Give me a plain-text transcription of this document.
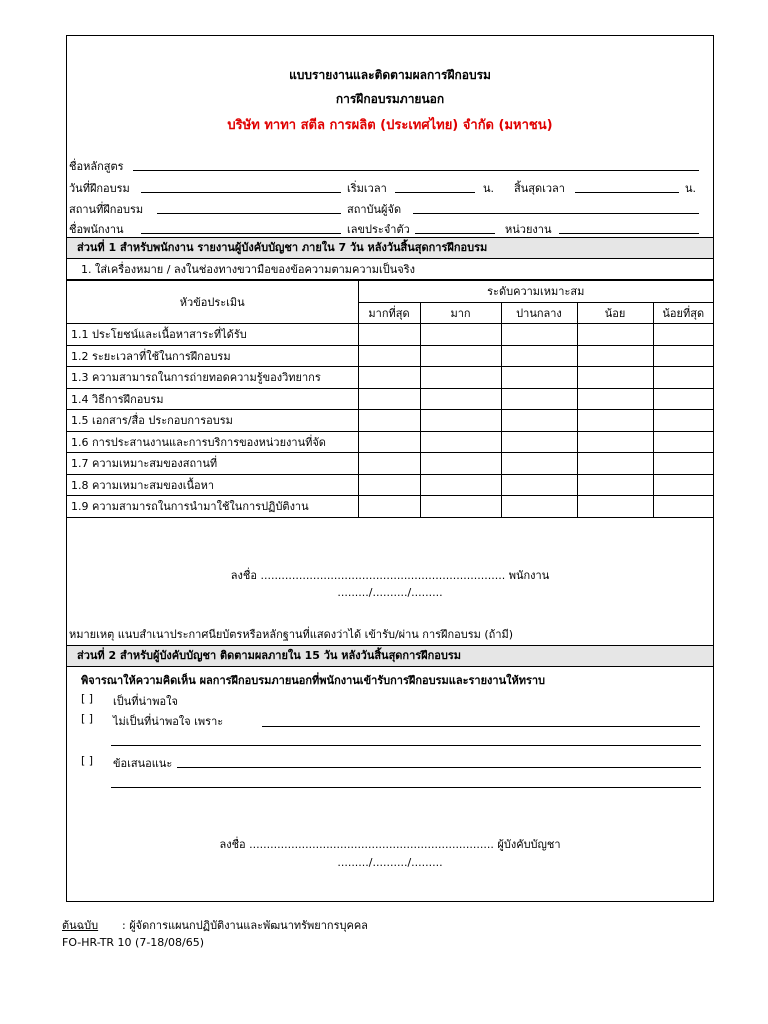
แบบรายงานและติดตามผลการฝึกอบรม
การฝึกอบรมภายนอก
บริษัท ทาทา สตีล การผลิต (ประเทศไทย) จำกัด (มหาชน)
ชื่อหลักสูตร
วันที่ฝึกอบรม	เริ่มเวลา	น. สิ้นสุดเวลา	น.
สถานที่ฝึกอบรม	สถาบันผู้จัด
ชื่อพนักงาน	เลขประจำตัว	หน่วยงาน
ส่วนที่ 1 สำหรับพนักงาน รายงานผู้บังคับบัญชา ภายใน 7 วัน หลังวันสิ้นสุดการฝึกอบรม
1. ใส่เครื่องหมาย / ลงในช่องทางขวามือของข้อความตามความเป็นจริง
หัวข้อประเมิน	ระดับความเหมาะสม				
	มากที่สุด	มาก	ปานกลาง	น้อย	น้อยที่สุด
1.1 ประโยชน์และเนื้อหาสาระที่ได้รับ					
1.2 ระยะเวลาที่ใช้ในการฝึกอบรม					
1.3 ความสามารถในการถ่ายทอดความรู้ของวิทยากร					
1.4 วิธีการฝึกอบรม					
1.5 เอกสาร/สื่อ ประกอบการอบรม					
1.6 การประสานงานและการบริการของหน่วยงานที่จัด					
1.7 ความเหมาะสมของสถานที่					
1.8 ความเหมาะสมของเนื้อหา					
1.9 ความสามารถในการนำมาใช้ในการปฏิบัติงาน					
ลงชื่อ ...................................................................... พนักงาน
........./........../.........
หมายเหตุ แนบสำเนาประกาศนียบัตรหรือหลักฐานที่แสดงว่าได้ เข้ารับ/ผ่าน การฝึกอบรม (ถ้ามี)
ส่วนที่ 2 สำหรับผู้บังคับบัญชา ติดตามผลภายใน 15 วัน หลังวันสิ้นสุดการฝึกอบรม
พิจารณาให้ความคิดเห็น ผลการฝึกอบรมภายนอกที่พนักงานเข้ารับการฝึกอบรมและรายงานให้ทราบ
[ ] เป็นที่น่าพอใจ
[ ] ไม่เป็นที่น่าพอใจ เพราะ
[ ] ข้อเสนอแนะ
ลงชื่อ ...................................................................... ผู้บังคับบัญชา
........./........../.........
ต้นฉบับ : ผู้จัดการแผนกปฏิบัติงานและพัฒนาทรัพยากรบุคคล
FO-HR-TR 10 (7-18/08/65)
